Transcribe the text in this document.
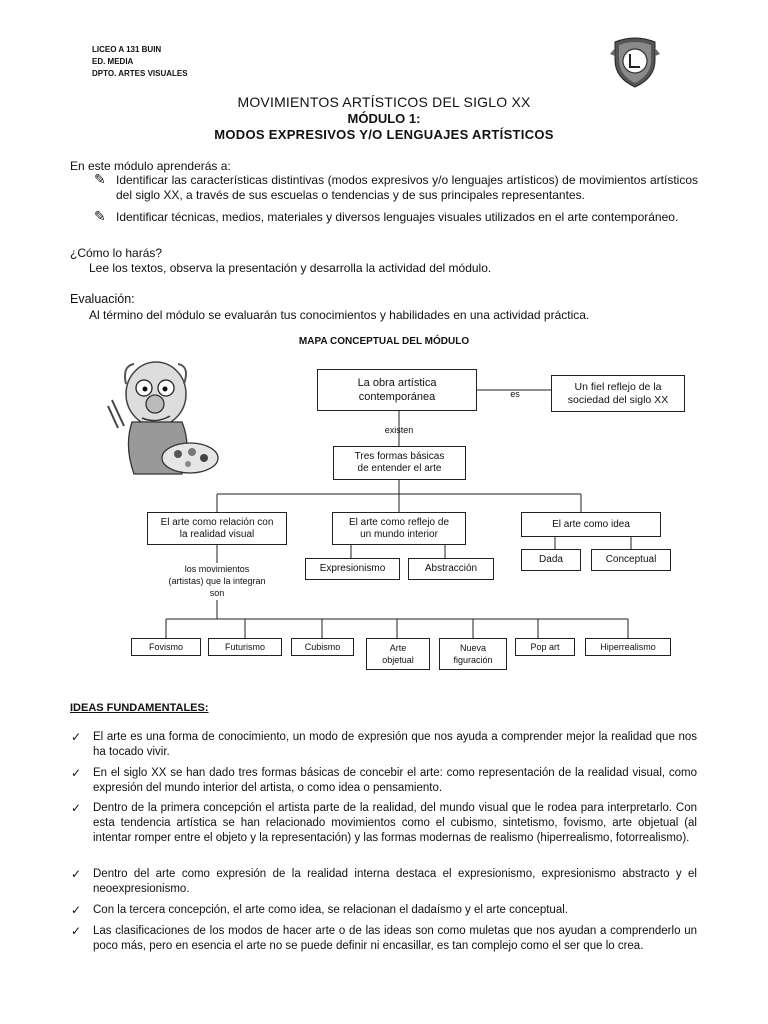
LICEO A 131 BUIN
ED. MEDIA
DPTO. ARTES VISUALES
MOVIMIENTOS ARTÍSTICOS DEL SIGLO XX
MÓDULO 1:
MODOS EXPRESIVOS Y/O LENGUAJES ARTÍSTICOS
En este módulo aprenderás a:
✎ Identificar las características distintivas (modos expresivos y/o lenguajes artísticos) de movimientos artísticos del siglo XX, a través de sus escuelas o tendencias y de sus principales representantes.
✎ Identificar técnicas, medios, materiales y diversos lenguajes visuales utilizados en el arte contemporáneo.
¿Cómo lo harás?
Lee los textos, observa la presentación y desarrolla la actividad del módulo.
Evaluación:
Al término del módulo se evaluarán tus conocimientos y habilidades en una actividad práctica.
MAPA CONCEPTUAL DEL MÓDULO
La obra artística contemporánea	es
Un fiel reflejo de la sociedad del siglo XX
existen
Tres formas básicas de entender el arte
El arte como relación con la realidad visual
El arte como reflejo de un mundo interior
El arte como idea
Expresionismo	Abstracción
Dada	Conceptual
los movimientos (artistas) que la integran son
Fovismo	Futurismo	Cubismo	Arte objetual
Nueva figuración
Pop art	Hiperrealismo
IDEAS FUNDAMENTALES:
✓ El arte es una forma de conocimiento, un modo de expresión que nos ayuda a comprender mejor la realidad que nos ha tocado vivir.
✓ En el siglo XX se han dado tres formas básicas de concebir el arte: como representación de la realidad visual, como expresión del mundo interior del artista, o como idea o pensamiento.
✓ Dentro de la primera concepción el artista parte de la realidad, del mundo visual que le rodea para interpretarlo. Con esta tendencia artística se han relacionado movimientos como el cubismo, sintetismo, fovismo, arte objetual (al intentar romper entre el objeto y la representación) y las formas modernas de realismo (hiperrealismo, fotorrealismo).
✓ Dentro del arte como expresión de la realidad interna destaca el expresionismo, expresionismo abstracto y el neoexpresionismo.
✓ Con la tercera concepción, el arte como idea, se relacionan el dadaísmo y el arte conceptual.
✓ Las clasificaciones de los modos de hacer arte o de las ideas son como muletas que nos ayudan a comprenderlo un poco más, pero en esencia el arte no se puede definir ni encasillar, es tan complejo como el ser que lo crea.
